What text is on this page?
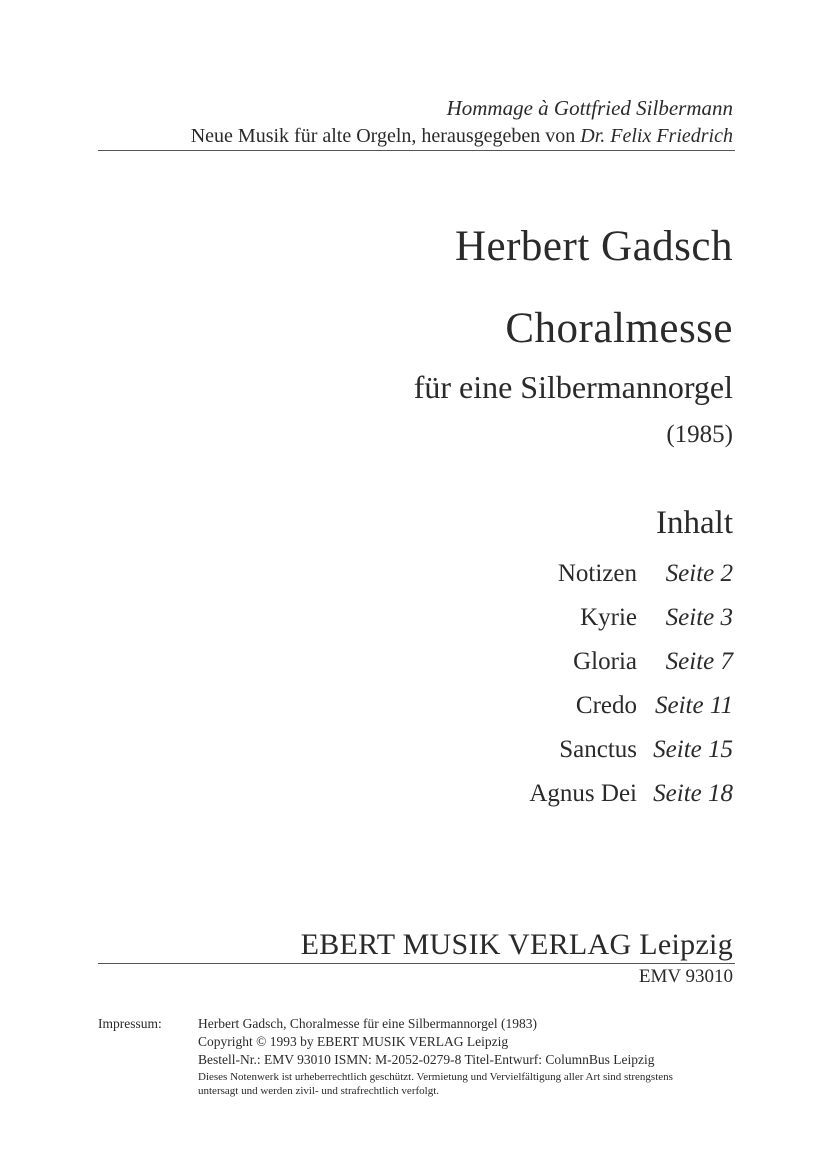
Hommage à Gottfried Silbermann
Neue Musik für alte Orgeln, herausgegeben von Dr. Felix Friedrich
Herbert Gadsch
Choralmesse
für eine Silbermannorgel
(1985)
Inhalt
Notizen Seite 2
Kyrie Seite 3
Gloria Seite 7
Credo Seite 11
Sanctus Seite 15
Agnus Dei Seite 18
EBERT MUSIK VERLAG Leipzig
EMV 93010
Impressum:	Herbert Gadsch, Choralmesse für eine Silbermannorgel (1983)
Copyright © 1993 by EBERT MUSIK VERLAG Leipzig
Bestell-Nr.: EMV 93010 ISMN: M-2052-0279-8 Titel-Entwurf: ColumnBus Leipzig
Dieses Notenwerk ist urheberrechtlich geschützt. Vermietung und Vervielfältigung aller Art sind strengstens
untersagt und werden zivil- und strafrechtlich verfolgt.
